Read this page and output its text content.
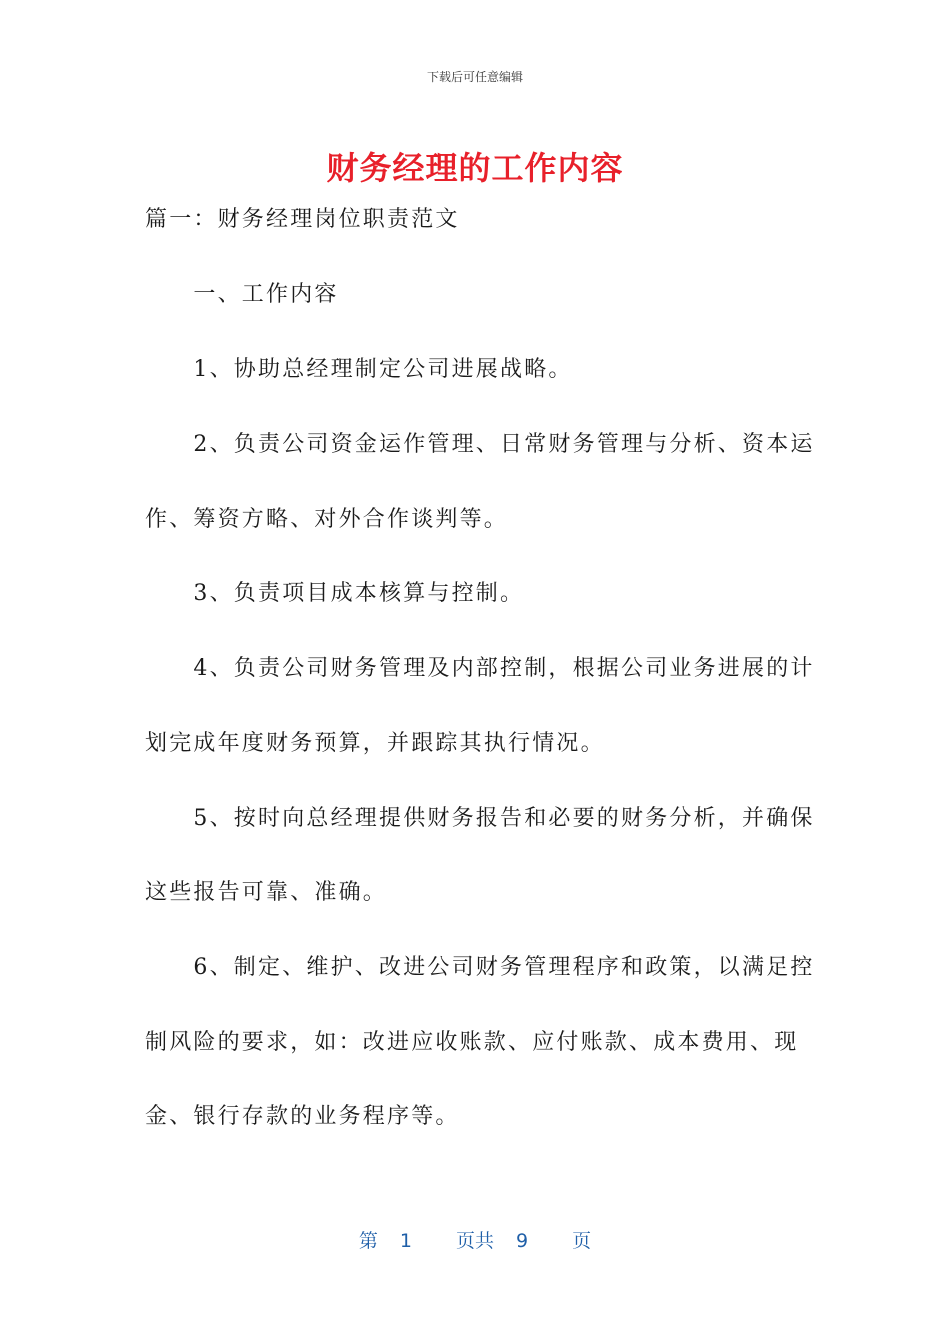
下载后可任意编辑
财务经理的工作内容
篇一：财务经理岗位职责范文
　　一、工作内容
　　1、协助总经理制定公司进展战略。
　　2、负责公司资金运作管理、日常财务管理与分析、资本运
作、筹资方略、对外合作谈判等。
　　3、负责项目成本核算与控制。
　　4、负责公司财务管理及内部控制，根据公司业务进展的计
划完成年度财务预算，并跟踪其执行情况。
　　5、按时向总经理提供财务报告和必要的财务分析，并确保
这些报告可靠、准确。
　　6、制定、维护、改进公司财务管理程序和政策，以满足控
制风险的要求，如：改进应收账款、应付账款、成本费用、现
金、银行存款的业务程序等。
第 1 页共 9 页
